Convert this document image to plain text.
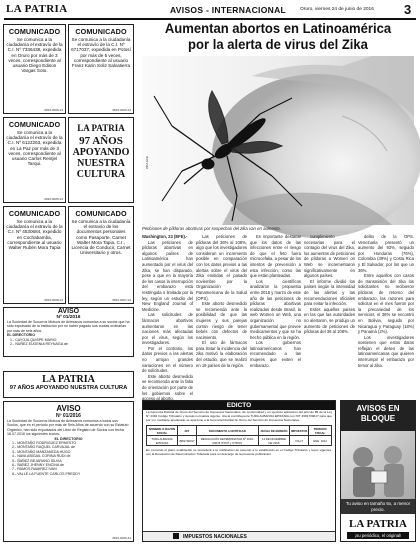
LA PATRIA	AVISOS - INTERNACIONAL	Oruro, viernes 24 de junio de 2016 3
COMUNICADO
Se comunica a la ciudadanía el extravío de la C.I. Nº 7336438, expedida en Oruro por más de 3 veces, correspondiente al usuario Diego Edison Vargas Soto.
0816-0009-24
COMUNICADO
Se comunica a la ciudadanía el extravío de la C.I. Nº 6717037, expedida en Potosí por más de 5 veces, correspondiente al usuario Franz Karin Soliz Salvatierra
0816-0000-24
COMUNICADO
Se comunica a la ciudadanía el extravío de la C.I. Nº 6122263, expedida en La Paz por más de 3 veces, correspondiente al usuario Carlos Rentjel Tarqui.
0816-0005-24
LA PATRIA
97 AÑOS
APOYANDO
NUESTRA
CULTURA
COMUNICADO
Se comunica a la ciudadanía el extravío de la C.I. Nº 4530684, expedido en Cochabamba, correspondiente al usuario Walter Rubén Mora Tapia
0816-0008-24
COMUNICADO
Se comunica a la ciudadanía el extravío de los documentos personales como Pasaporte, Carnet Walter Mora Tapia, C.I., Licencia de Conducir, Carnet Universitario y otros.
0816-0007-24
AVISO
Nº 01/2016
La Sociedad de Socorros Mutuos de Artesanos comunica a su socios que ha sido expulsado de la institución por no haber pagado sus cuotas ordinarias por más de seis años.
EL DIRECTORIO
1.- CAYOJA QUISPE MARIO
2.- NUÑEZ EUGENIA REYNAGA de
LA PATRIA
97 AÑOS APOYANDO NUESTRA CULTURA
AVISO
Nº 01/2016
La Sociedad de Socorros Mutuos de Artesanos comunica a todos sus Socios, que en el período por más de Seis Años de acuerdo con su Estatuto Orgánico, han sido expulsados del Libro de Registro de Socios con fecha 18.07.2016 los siguientes socios:
EL DIRECTORIO
1.- MONTAÑO RODRIGUEZ ERNESTO
2.- MONTAÑO RAQUEL CARVAJAL de
3.- MONTAÑO MANZANEDA HUGO
4.- NAVA ABIGAIL CORINA RUDI de
5.- ÑAÑEZ BEJARANO SILVIA
6.- ÑAÑEZ JHENNY ENCINA de
7.- RAMOS RAMIREZ IVAN
8.- VALLE LA FUENTE CARLOS FREDDY
0816-0006-24
Aumentan abortos en Latinoamérica por la alerta de virus del Zika
ZIKA EFE
Peticiones de píldoras abortivas por sospechas del zika van en aumento.
Washington, 23 (EFE).-

Las peticiones de píldoras abortivas en algunos países de Latinoamérica han aumentado por el virus del Zika, se han disparado, pese a que en la mayoría de los casos la interrupción del embarazo está restringida o limitada por la ley, según un estudio del New England Journal of Medicine.

Las solicitudes de fármacos abortivos aumentaron en las naciones más afectadas por el virus, según los investigadores.

Por el contrario, los datos previos a las alertas no arrojan grandes variaciones en el número de solicitudes.

Este aborto desmedido se recomienda ante la falta de orientación por parte de los gobiernos sobre el acceso al aborto.

Las peticiones de píldoras del 36% al 108%, algo que los investigadores consideran un incremento posible en comparación con los datos previos a las alertas sobre el virus del Zika emitidas el pasado noviembre por la Organización Panamericana de la Salud (OPS).

Este aborto desmedido se recomienda ante la posibilidad de que las mujeres y sus parejas corran riesgo de tener bebés con defectos de nacimiento.

El uso de fármacos para tratar la incidencia del zika motivó la elaboración del estudio, que se realizó en 19 países de la región.

Es importante destacar que los datos de las infecciones entre el riesgo de que el feto fuera microcefalia, a pesar de los intentos de prevención a esta infección, como las que están planteadas.

Los científicos analizaron la propuesta entre 2016 y marzo de este año de las peticiones de píldoras abortivas realizadas desde Brasil, la web Women on Web, una organización no gubernamental que provee medicamentos y que se ha hecho pública en la región.

Los gobiernos latinoamericanos han recomendado a las mujeres que eviten el embarazo.

cumplimiento necesarias para el contagio del virus del Zika, los aumentos de peticiones de píldoras a Women on Web se incrementaron significativamente en algunos países.

El informe dividió los países según la intensidad de las alertas y las recomendaciones oficiales para evitar la infección.

Estos aquellos países en las que las autoridades no alertaron, se produjo un aumento de peticiones de píldoras del 36 al 108%.

delito de la OPS. Venezuela presentó un aumento del 93%, seguido por Honduras (76%), Colombia (39%) y Costa Rica y El Salvador, por los que un 36%.

Entre aquellos con casos de transmisión del zika los solicitantes no recibieron píldoras de retorno del embarazo, las razones para solicitar en el mes fueron por la precariedad de los servicios, el 36% se encontró en Bolivia, seguido por Nicaragua y Paraguay (18%) y Panamá (2%).

Los investigadores sostienen que estos datos reflejan el deseo de las latinoamericanas que quieren interrumpir el embarazo por temor al zika.

EDICTO
La Gerencia Distrital de Oruro del Servicio de Impuestos Nacionales, de conformidad y en ejercicio aplicación del artículo 89 de la Ley Nº 2492 Código Tributario y demás normativa vigente, cita al contribuyente TURA ALBANOA EPIFANIA con NIT 4981700017 para que por si o mediante apoderado se apersone a la Gerencia Distrital de Oruro del Servicio de Impuestos Nacionales.
NOMBRE O RAZÓN SOCIAL	NIT	DOCUMENTO A NOTIFICAR	FECHA DE EMISIÓN	IMPUESTOS	PERIODO FISCAL
TURA ALBANOA EPIFANIA	4981700017	RESOLUCIÓN DETERMINATIVA Nº 1016-00015 ITFCP y OTROS	14 DE DICIEMBRE DE 2016	IVA-IT	ENE. 2012
En conocido el plazo establecido se procederá a la notificación de acuerdo a lo establecido en el Código Tributario y leyes vigentes, con la Resolución de Determinación Tributaria para su descargo de la presente publicación.
IMPUESTOS NACIONALES
AVISOS EN BLOQUE
Tu aviso en tamaño 6x, a menor precio.
LA PATRIA
¡su periódico, el original!
